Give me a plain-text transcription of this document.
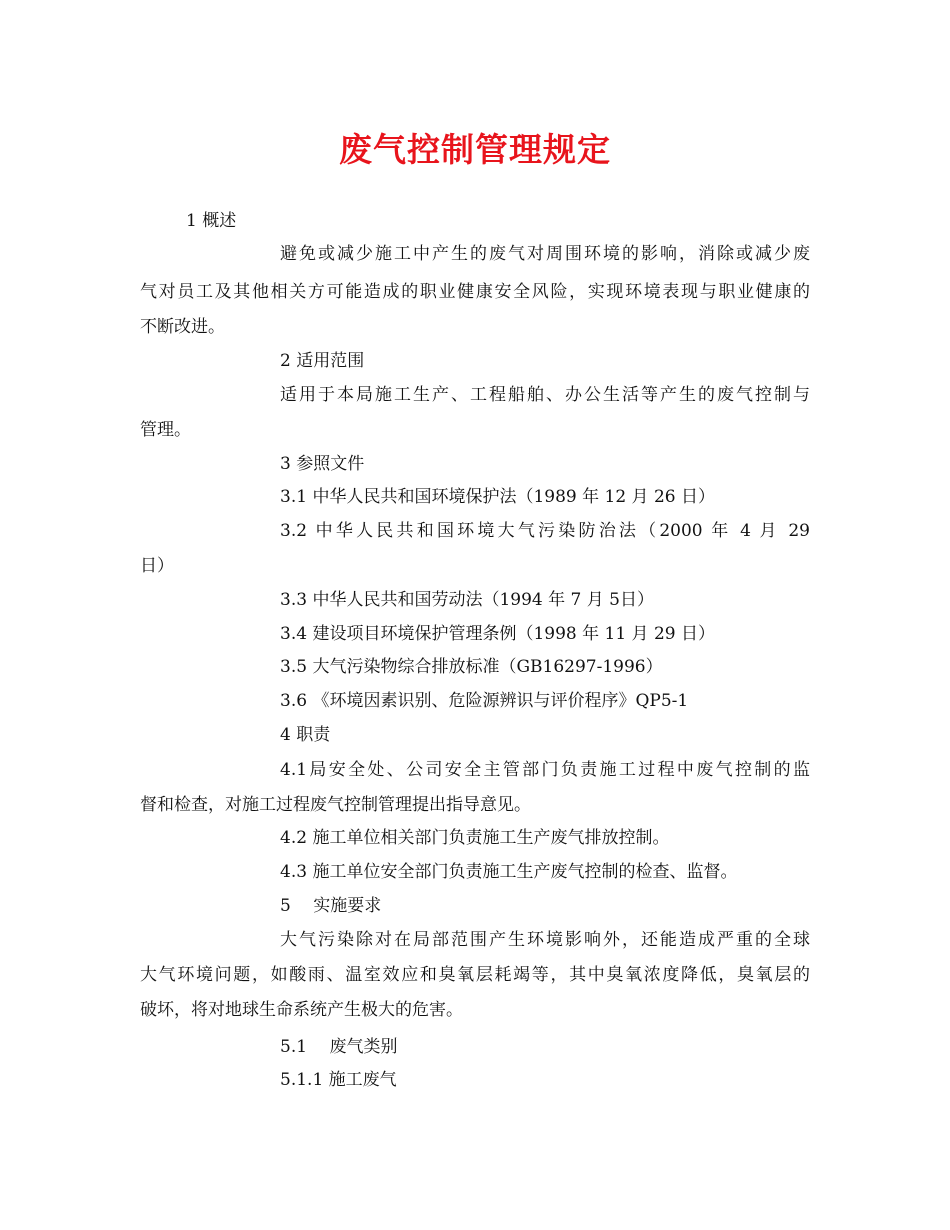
废气控制管理规定
1 概述
避免或减少施工中产生的废气对周围环境的影响，消除或减少废
气对员工及其他相关方可能造成的职业健康安全风险，实现环境表现与职业健康的
不断改进。
2 适用范围
适用于本局施工生产、工程船舶、办公生活等产生的废气控制与
管理。
3 参照文件
3.1 中华人民共和国环境保护法（1989 年 12 月 26 日）
3.2 中华人民共和国环境大气污染防治法（2000 年 4 月 29
日）
3.3 中华人民共和国劳动法（1994 年 7 月 5日）
3.4 建设项目环境保护管理条例（1998 年 11 月 29 日）
3.5 大气污染物综合排放标准（GB16297-1996）
3.6 《环境因素识别、危险源辨识与评价程序》QP5-1
4 职责
4.1局安全处、公司安全主管部门负责施工过程中废气控制的监
督和检查，对施工过程废气控制管理提出指导意见。
4.2 施工单位相关部门负责施工生产废气排放控制。
4.3 施工单位安全部门负责施工生产废气控制的检查、监督。
5　 实施要求
大气污染除对在局部范围产生环境影响外，还能造成严重的全球
大气环境问题，如酸雨、温室效应和臭氧层耗竭等，其中臭氧浓度降低，臭氧层的
破坏，将对地球生命系统产生极大的危害。
5.1　 废气类别
5.1.1 施工废气
